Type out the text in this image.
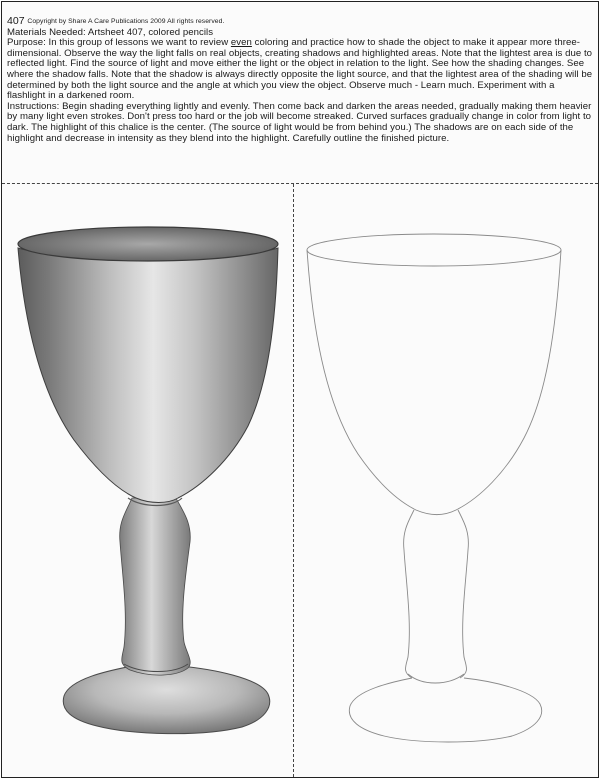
407 Copyright by Share A Care Publications 2009 All rights reserved.

Materials Needed: Artsheet 407, colored pencils

Purpose: In this group of lessons we want to review even coloring and practice how to shade the object to make it appear more three-dimensional. Observe the way the light falls on real objects, creating shadows and highlighted areas. Note that the lightest area is due to reflected light. Find the source of light and move either the light or the object in relation to the light. See how the shading changes. See where the shadow falls. Note that the shadow is always directly opposite the light source, and that the lightest area of the shading will be determined by both the light source and the angle at which you view the object. Observe much - Learn much. Experiment with a flashlight in a darkened room.

Instructions: Begin shading everything lightly and evenly. Then come back and darken the areas needed, gradually making them heavier by many light even strokes. Don't press too hard or the job will become streaked. Curved surfaces gradually change in color from light to dark. The highlight of this chalice is the center. (The source of light would be from behind you.) The shadows are on each side of the highlight and decrease in intensity as they blend into the highlight. Carefully outline the finished picture.
